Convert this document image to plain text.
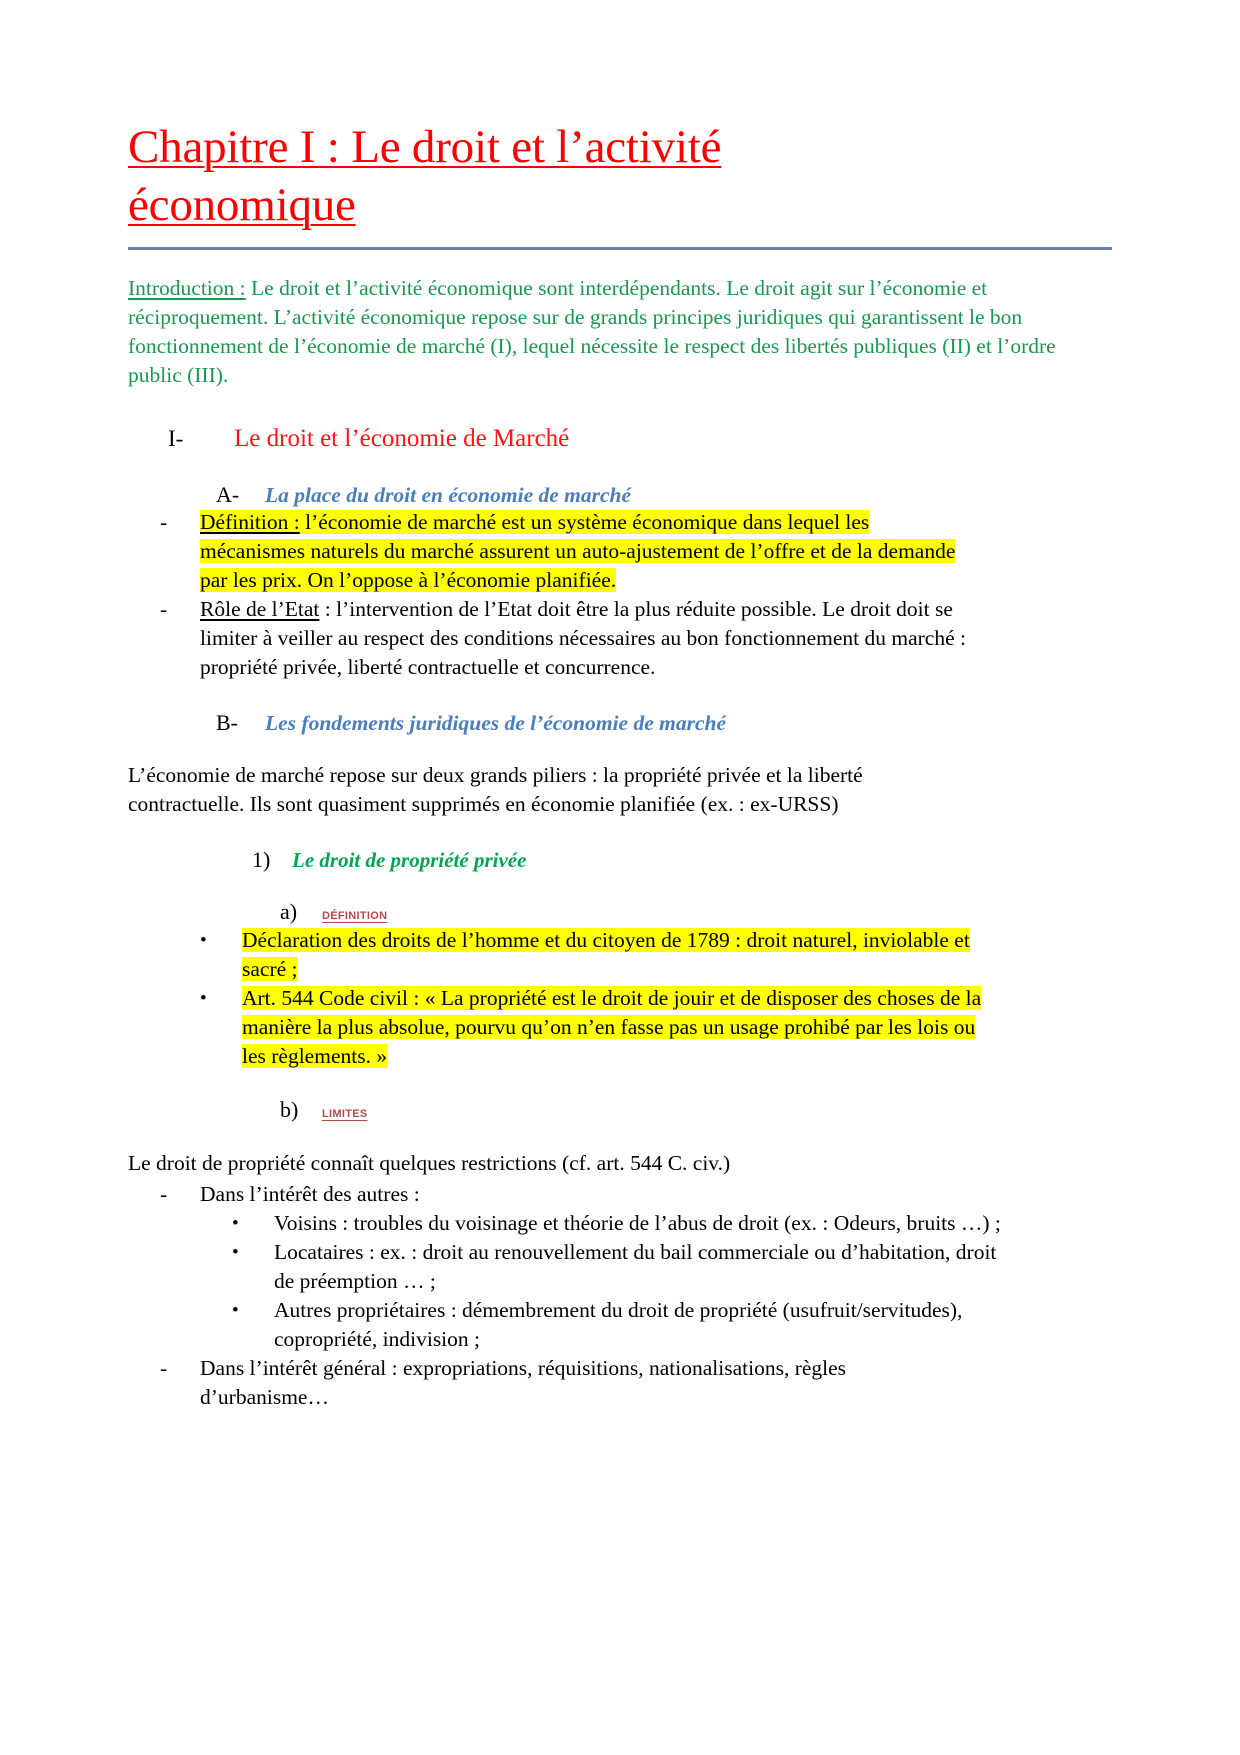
Chapitre I : Le droit et l’activité
économique

Introduction : Le droit et l’activité économique sont interdépendants. Le droit agit sur l’économie et réciproquement. L’activité économique repose sur de grands principes juridiques qui garantissent le bon fonctionnement de l’économie de marché (I), lequel nécessite le respect des libertés publiques (II) et l’ordre public (III).

I-	Le droit et l’économie de Marché
A-	La place du droit en économie de marché
-	Définition : l’économie de marché est un système économique dans lequel les mécanismes naturels du marché assurent un auto-ajustement de l’offre et de la demande par les prix. On l’oppose à l’économie planifiée.
-	Rôle de l’Etat : l’intervention de l’Etat doit être la plus réduite possible. Le droit doit se limiter à veiller au respect des conditions nécessaires au bon fonctionnement du marché : propriété privée, liberté contractuelle et concurrence.
B-	Les fondements juridiques de l’économie de marché

L’économie de marché repose sur deux grands piliers : la propriété privée et la liberté contractuelle. Ils sont quasiment supprimés en économie planifiée (ex. : ex-URSS)

1)	Le droit de propriété privée
a)	définition
•	Déclaration des droits de l’homme et du citoyen de 1789 : droit naturel, inviolable et sacré ;
•	Art. 544 Code civil : « La propriété est le droit de jouir et de disposer des choses de la manière la plus absolue, pourvu qu’on n’en fasse pas un usage prohibé par les lois ou les règlements. »
b)	limites

Le droit de propriété connaît quelques restrictions (cf. art. 544 C. civ.)

-	Dans l’intérêt des autres :
•	Voisins : troubles du voisinage et théorie de l’abus de droit (ex. : Odeurs, bruits …) ;
•	Locataires : ex. : droit au renouvellement du bail commerciale ou d’habitation, droit de préemption … ;
•	Autres propriétaires : démembrement du droit de propriété (usufruit/servitudes), copropriété, indivision ;
-	Dans l’intérêt général : expropriations, réquisitions, nationalisations, règles d’urbanisme…
